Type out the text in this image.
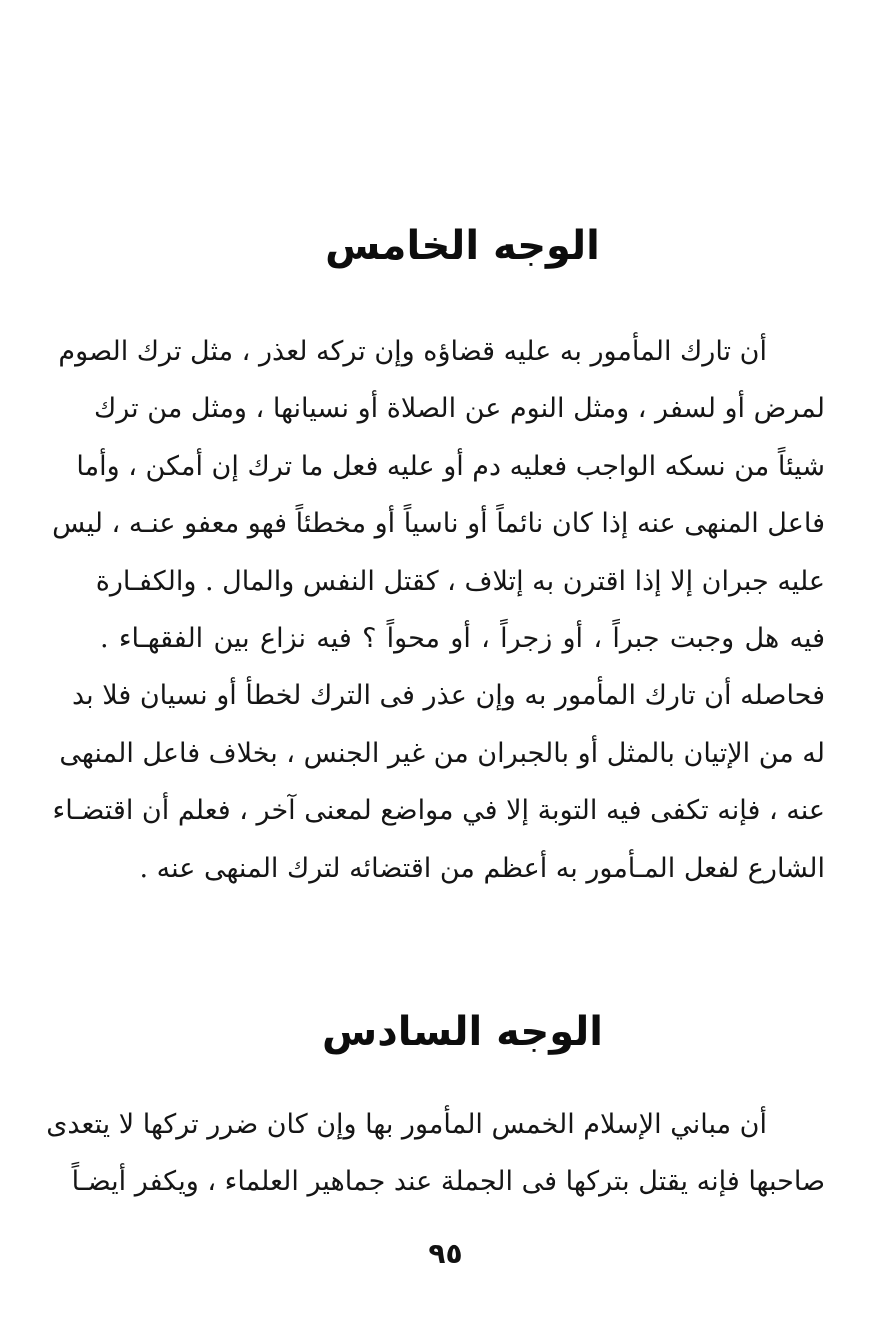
الوجه الخامس
أن تارك المأمور به عليه قضاؤه وإن تركه لعذر ، مثل ترك الصوم
لمرض أو لسفر ، ومثل النوم عن الصلاة أو نسيانها ، ومثل من ترك
شيئاً من نسكه الواجب فعليه دم أو عليه فعل ما ترك إن أمكن ، وأما
فاعل المنهى عنه إذا كان نائماً أو ناسياً أو مخطئاً فهو معفو عنـه ، ليس
عليه جبران إلا إذا اقترن به إتلاف ، كقتل النفس والمال . والكفـارة
فيه هل وجبت جبراً ، أو زجراً ، أو محواً ؟ فيه نزاع بين الفقهـاء .
فحاصله أن تارك المأمور به وإن عذر فى الترك لخطأ أو نسيان فلا بد
له من الإتيان بالمثل أو بالجبران من غير الجنس ، بخلاف فاعل المنهى
عنه ، فإنه تكفى فيه التوبة إلا في مواضع لمعنى آخر ، فعلم أن اقتضـاء
الشارع لفعل المـأمور به أعظم من اقتضائه لترك المنهى عنه .
الوجه السادس
أن مباني الإسلام الخمس المأمور بها وإن كان ضرر تركها لا يتعدى
صاحبها فإنه يقتل بتركها فى الجملة عند جماهير العلماء ، ويكفر أيضـاً
٩٥
